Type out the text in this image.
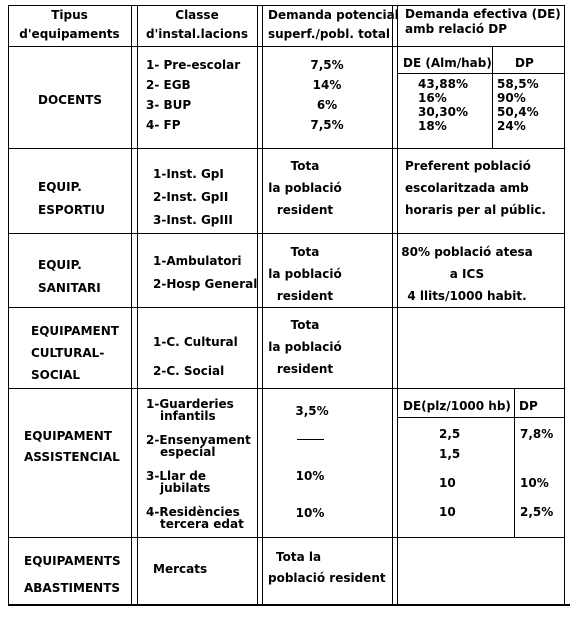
Tipus
d'equipaments
Classe
d'instal.lacions
Demanda potencial
superf./pobl. total
Demanda efectiva (DE)
amb relació DP
DOCENTS
1- Pre-escolar
2- EGB
3- BUP
4- FP
7,5%
14%
6%
7,5%
DE (Alm/hab) DP
43,88%
16%
30,30%
18%
58,5%
90%
50,4%
24%
EQUIP.
ESPORTIU
1-Inst. GpI
2-Inst. GpII
3-Inst. GpIII
Tota
la població
resident
Preferent població
escolaritzada amb
horaris per al públic.
EQUIP.
SANITARI
1-Ambulatori
2-Hosp General
Tota
la població
resident
80% població atesa
a ICS
4 llits/1000 habit.
EQUIPAMENT
CULTURAL-
SOCIAL
1-C. Cultural
2-C. Social
Tota
la població
resident
EQUIPAMENT
ASSISTENCIAL
1-Guarderies
infantils
2-Ensenyament
especial
3-Llar de
jubilats
4-Residències
tercera edat
3,5%
10%
10%
DE(plz/1000 hb) DP
2,5
1,5
10
10
7,8%
10%
2,5%
EQUIPAMENTS
ABASTIMENTS
Mercats
Tota la
població resident
